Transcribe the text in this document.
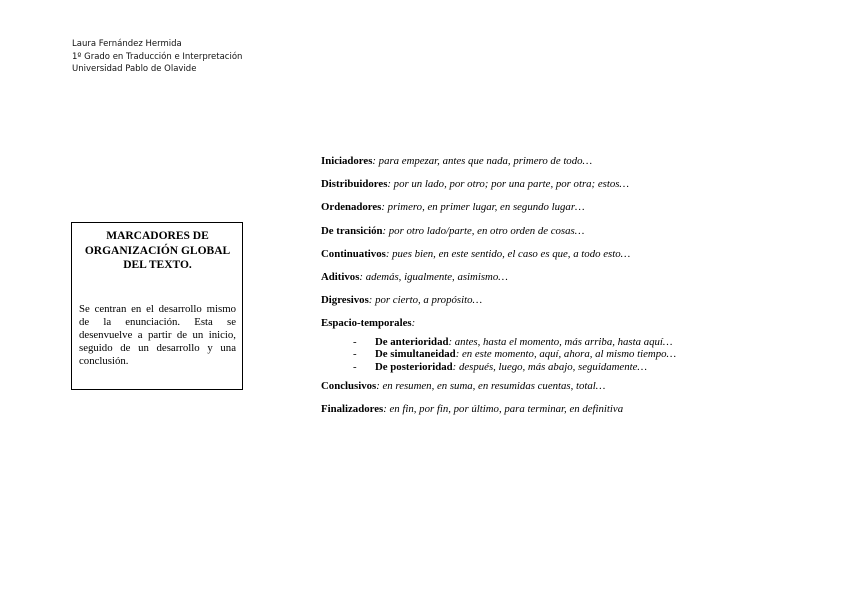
Laura Fernández Hermida
1º Grado en Traducción e Interpretación
Universidad Pablo de Olavide

MARCADORES DE ORGANIZACIÓN GLOBAL DEL TEXTO.

Se centran en el desarrollo mismo de la enunciación. Esta se desenvuelve a partir de un inicio, seguido de un desarrollo y una conclusión.

Iniciadores: para empezar, antes que nada, primero de todo…
Distribuidores: por un lado, por otro; por una parte, por otra; estos…
Ordenadores: primero, en primer lugar, en segundo lugar…
De transición: por otro lado/parte, en otro orden de cosas…
Continuativos: pues bien, en este sentido, el caso es que, a todo esto…
Aditivos: además, igualmente, asimismo…
Digresivos: por cierto, a propósito…
Espacio-temporales:
- De anterioridad: antes, hasta el momento, más arriba, hasta aquí…
- De simultaneidad: en este momento, aquí, ahora, al mismo tiempo…
- De posterioridad: después, luego, más abajo, seguidamente…
Conclusivos: en resumen, en suma, en resumidas cuentas, total…
Finalizadores: en fin, por fin, por último, para terminar, en definitiva
